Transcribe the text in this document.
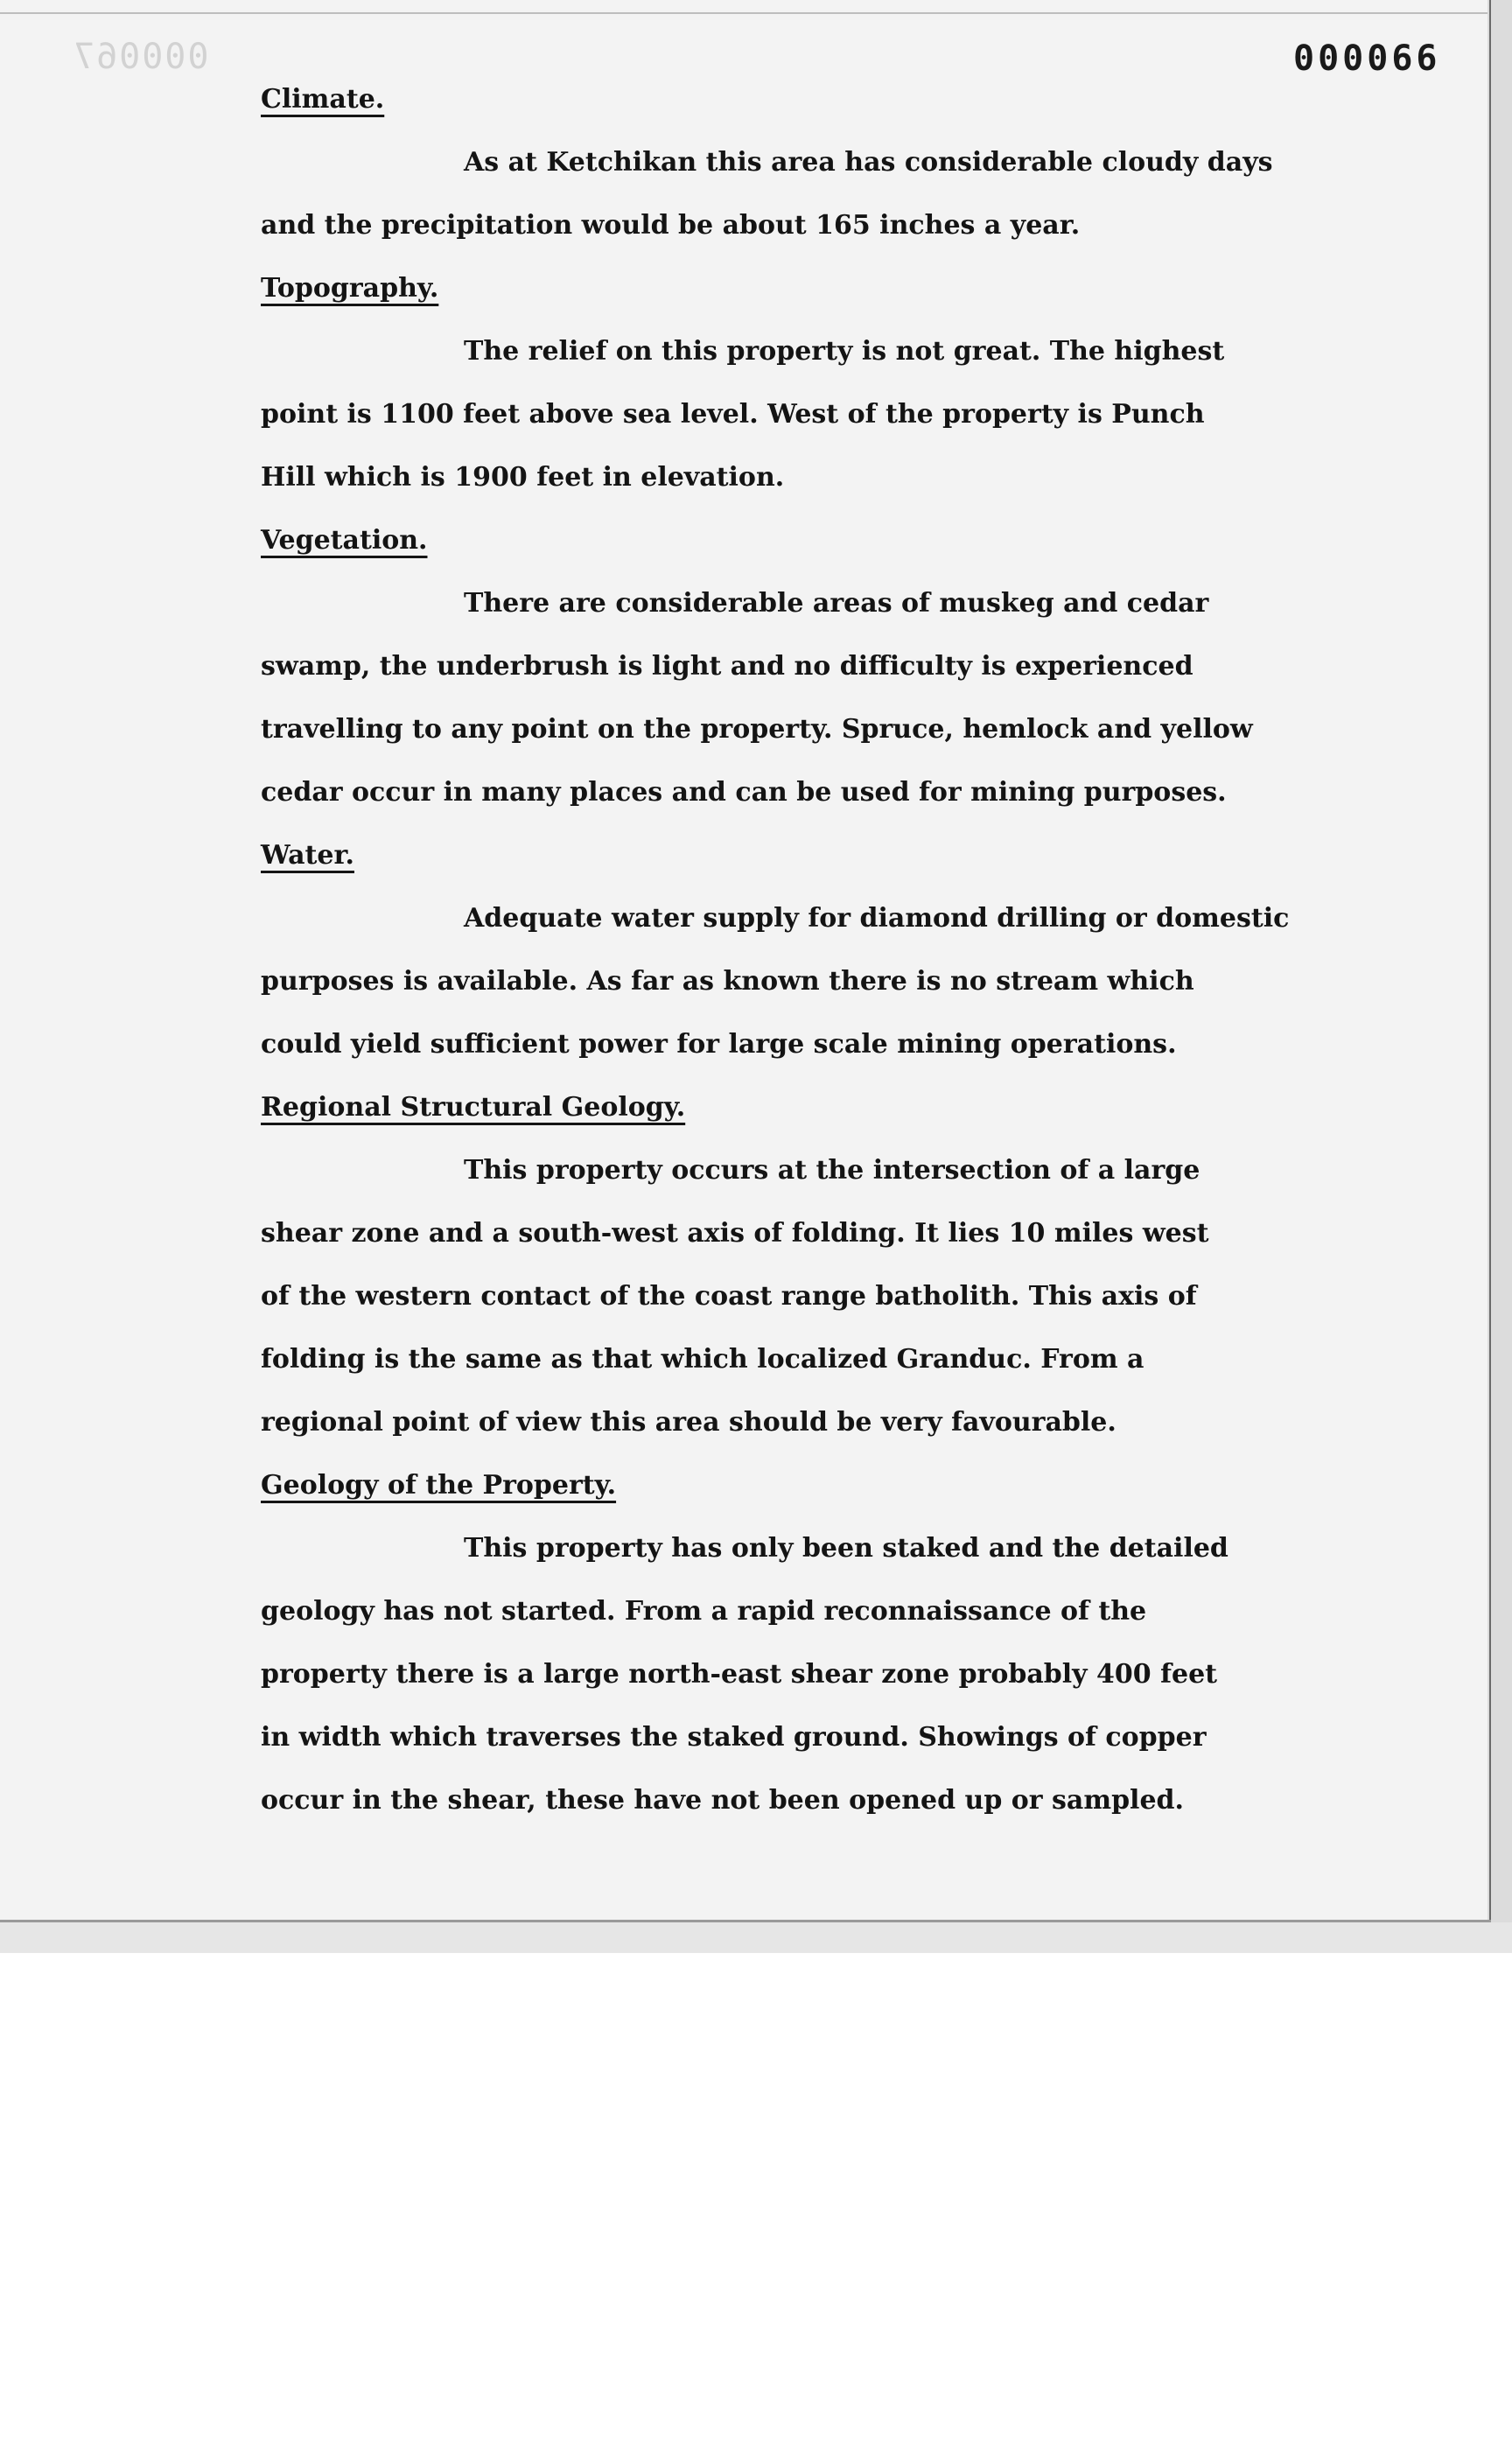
000067	000066
Climate.
As at Ketchikan this area has considerable cloudy days
and the precipitation would be about 165 inches a year.
Topography.
The relief on this property is not great. The highest
point is 1100 feet above sea level. West of the property is Punch
Hill which is 1900 feet in elevation.
Vegetation.
There are considerable areas of muskeg and cedar
swamp, the underbrush is light and no difficulty is experienced
travelling to any point on the property. Spruce, hemlock and yellow
cedar occur in many places and can be used for mining purposes.
Water.
Adequate water supply for diamond drilling or domestic
purposes is available. As far as known there is no stream which
could yield sufficient power for large scale mining operations.
Regional Structural Geology.
This property occurs at the intersection of a large
shear zone and a south-west axis of folding. It lies 10 miles west
of the western contact of the coast range batholith. This axis of
folding is the same as that which localized Granduc. From a
regional point of view this area should be very favourable.
Geology of the Property.
This property has only been staked and the detailed
geology has not started. From a rapid reconnaissance of the
property there is a large north-east shear zone probably 400 feet
in width which traverses the staked ground. Showings of copper
occur in the shear, these have not been opened up or sampled.
